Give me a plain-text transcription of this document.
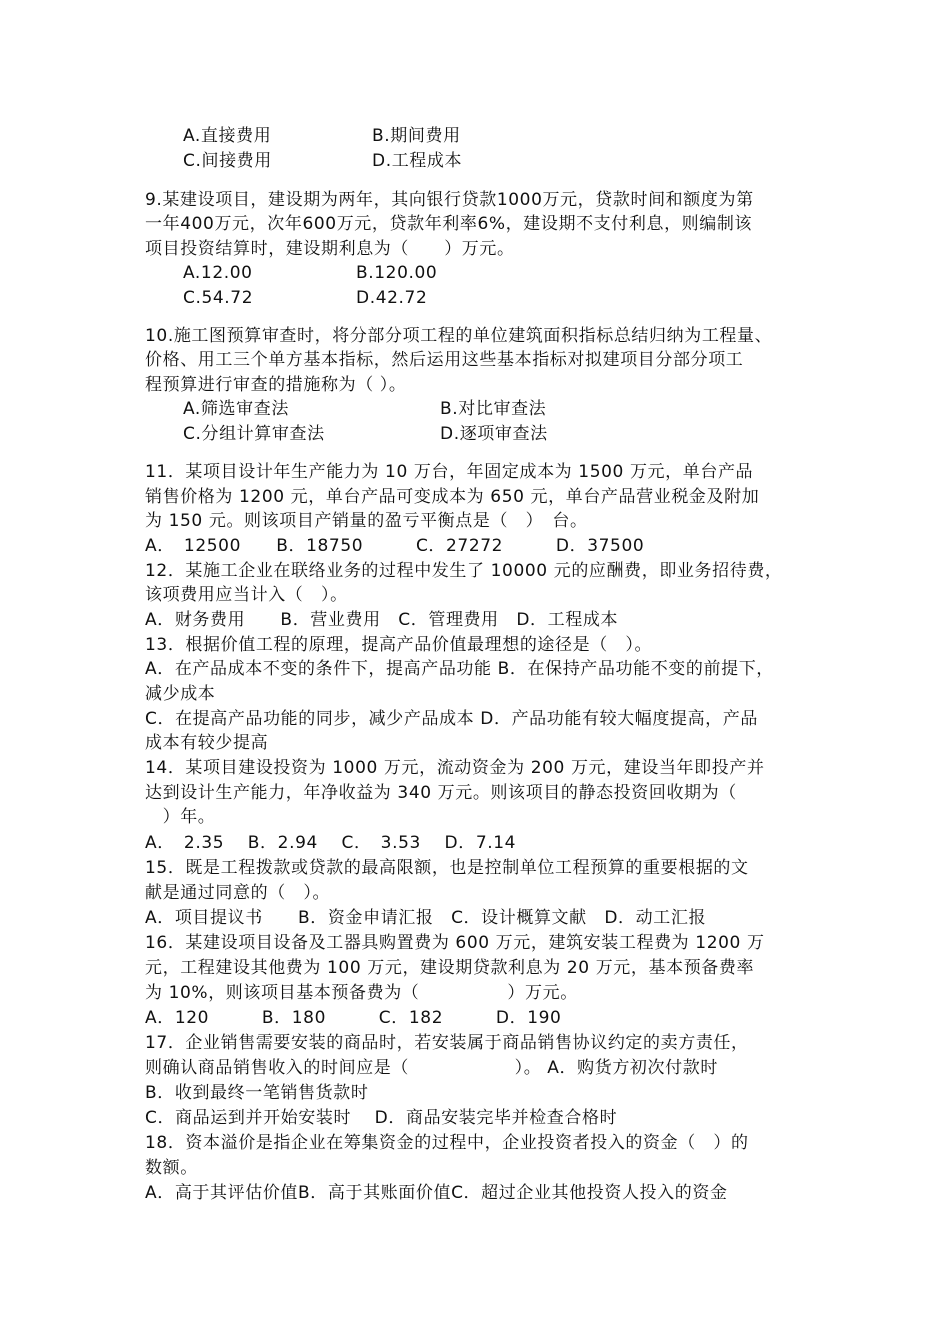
A.直接费用	B.期间费用
C.间接费用	D.工程成本
9.某建设项目，建设期为两年，其向银行贷款1000万元，贷款时间和额度为第
一年400万元，次年600万元，贷款年利率6%，建设期不支付利息，则编制该
项目投资结算时，建设期利息为（　　）万元。
A.12.00	B.120.00
C.54.72	D.42.72
10.施工图预算审查时，将分部分项工程的单位建筑面积指标总结归纳为工程量、
价格、用工三个单方基本指标，然后运用这些基本指标对拟建项目分部分项工
程预算进行审查的措施称为（ ）。
A.筛选审查法	B.对比审查法
C.分组计算审查法	D.逐项审查法
11．某项目设计年生产能力为 10 万台，年固定成本为 1500 万元，单台产品
销售价格为 1200 元，单台产品可变成本为 650 元，单台产品营业税金及附加
为 150 元。则该项目产销量的盈亏平衡点是（　）　台。
A．　12500　　B．18750　　　C．27272　　　D．37500
12．某施工企业在联络业务的过程中发生了 10000 元的应酬费，即业务招待费，
该项费用应当计入（　）。
A．财务费用　　B．营业费用　C．管理费用　D．工程成本
13．根据价值工程的原理，提高产品价值最理想的途径是（　）。
A．在产品成本不变的条件下，提高产品功能 B．在保持产品功能不变的前提下，
减少成本
C．在提高产品功能的同步，减少产品成本 D．产品功能有较大幅度提高，产品
成本有较少提高
14．某项目建设投资为 1000 万元，流动资金为 200 万元，建设当年即投产并
达到设计生产能力，年净收益为 340 万元。则该项目的静态投资回收期为（
　）年。
A．　2.35　 B．2.94　 C．　3.53　 D．7.14
15．既是工程拨款或贷款的最高限额，也是控制单位工程预算的重要根据的文
献是通过同意的（　）。
A．项目提议书　　B．资金申请汇报　C．设计概算文献　D．动工汇报
16．某建设项目设备及工器具购置费为 600 万元，建筑安装工程费为 1200 万
元，工程建设其他费为 100 万元，建设期贷款利息为 20 万元，基本预备费率
为 10%，则该项目基本预备费为（　　　　　）万元。
A．120　　　B．180　　　C．182　　　D．190
17．企业销售需要安装的商品时，若安装属于商品销售协议约定的卖方责任，
则确认商品销售收入的时间应是（　　　　　　）。 A．购货方初次付款时
B．收到最终一笔销售货款时
C．商品运到并开始安装时　 D．商品安装完毕并检查合格时
18．资本溢价是指企业在筹集资金的过程中，企业投资者投入的资金（　）的
数额。
A．高于其评估价值B．高于其账面价值C．超过企业其他投资人投入的资金
